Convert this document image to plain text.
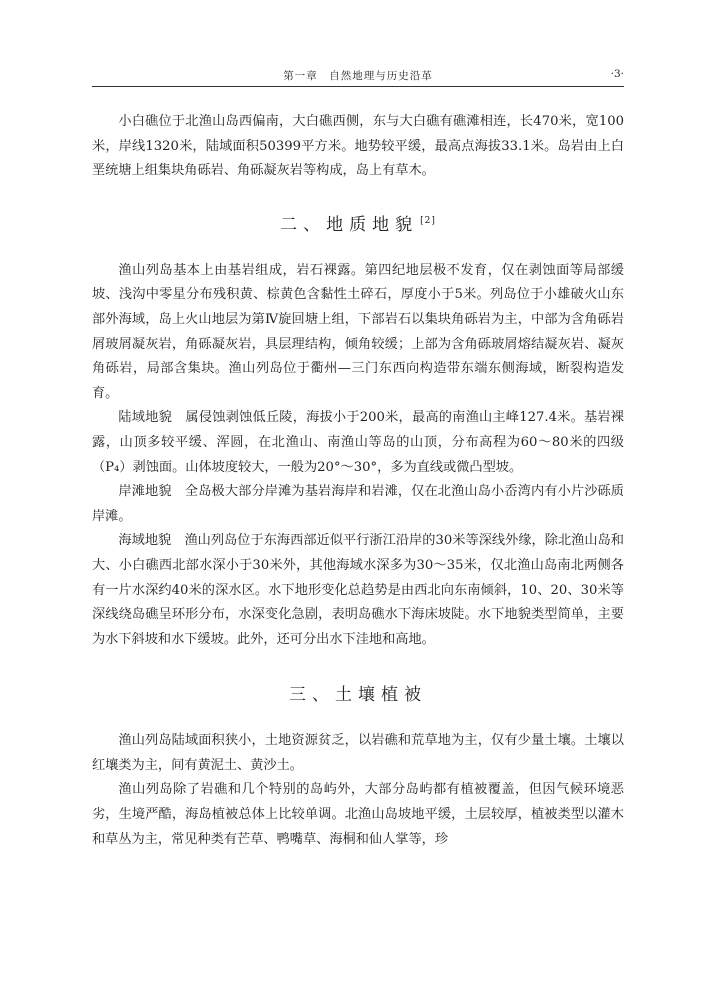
第一章　自然地理与历史沿革	·3·

小白礁位于北渔山岛西偏南，大白礁西侧，东与大白礁有礁滩相连，长470米，宽100米，岸线1320米，陆域面积50399平方米。地势较平缓，最高点海拔33.1米。岛岩由上白垩统塘上组集块角砾岩、角砾凝灰岩等构成，岛上有草木。

二、地质地貌 [2]

渔山列岛基本上由基岩组成，岩石裸露。第四纪地层极不发育，仅在剥蚀面等局部缓坡、浅沟中零星分布残积黄、棕黄色含黏性土碎石，厚度小于5米。列岛位于小雄破火山东部外海域，岛上火山地层为第Ⅳ旋回塘上组，下部岩石以集块角砾岩为主，中部为含角砾岩屑玻屑凝灰岩，角砾凝灰岩，具层理结构，倾角较缓；上部为含角砾玻屑熔结凝灰岩、凝灰角砾岩，局部含集块。渔山列岛位于衢州—三门东西向构造带东端东侧海域，断裂构造发育。

陆域地貌　属侵蚀剥蚀低丘陵，海拔小于200米，最高的南渔山主峰127.4米。基岩裸露，山顶多较平缓、浑圆，在北渔山、南渔山等岛的山顶，分布高程为60～80米的四级（P₄）剥蚀面。山体坡度较大，一般为20°～30°，多为直线或微凸型坡。

岸滩地貌　全岛极大部分岸滩为基岩海岸和岩滩，仅在北渔山岛小岙湾内有小片沙砾质岸滩。

海域地貌　渔山列岛位于东海西部近似平行浙江沿岸的30米等深线外缘，除北渔山岛和大、小白礁西北部水深小于30米外，其他海域水深多为30～35米，仅北渔山岛南北两侧各有一片水深约40米的深水区。水下地形变化总趋势是由西北向东南倾斜，10、20、30米等深线绕岛礁呈环形分布，水深变化急剧，表明岛礁水下海床坡陡。水下地貌类型简单，主要为水下斜坡和水下缓坡。此外，还可分出水下洼地和高地。

三、土壤植被

渔山列岛陆域面积狭小，土地资源贫乏，以岩礁和荒草地为主，仅有少量土壤。土壤以红壤类为主，间有黄泥土、黄沙土。

渔山列岛除了岩礁和几个特别的岛屿外，大部分岛屿都有植被覆盖，但因气候环境恶劣，生境严酷，海岛植被总体上比较单调。北渔山岛坡地平缓，土层较厚，植被类型以灌木和草丛为主，常见种类有芒草、鸭嘴草、海桐和仙人掌等，珍
